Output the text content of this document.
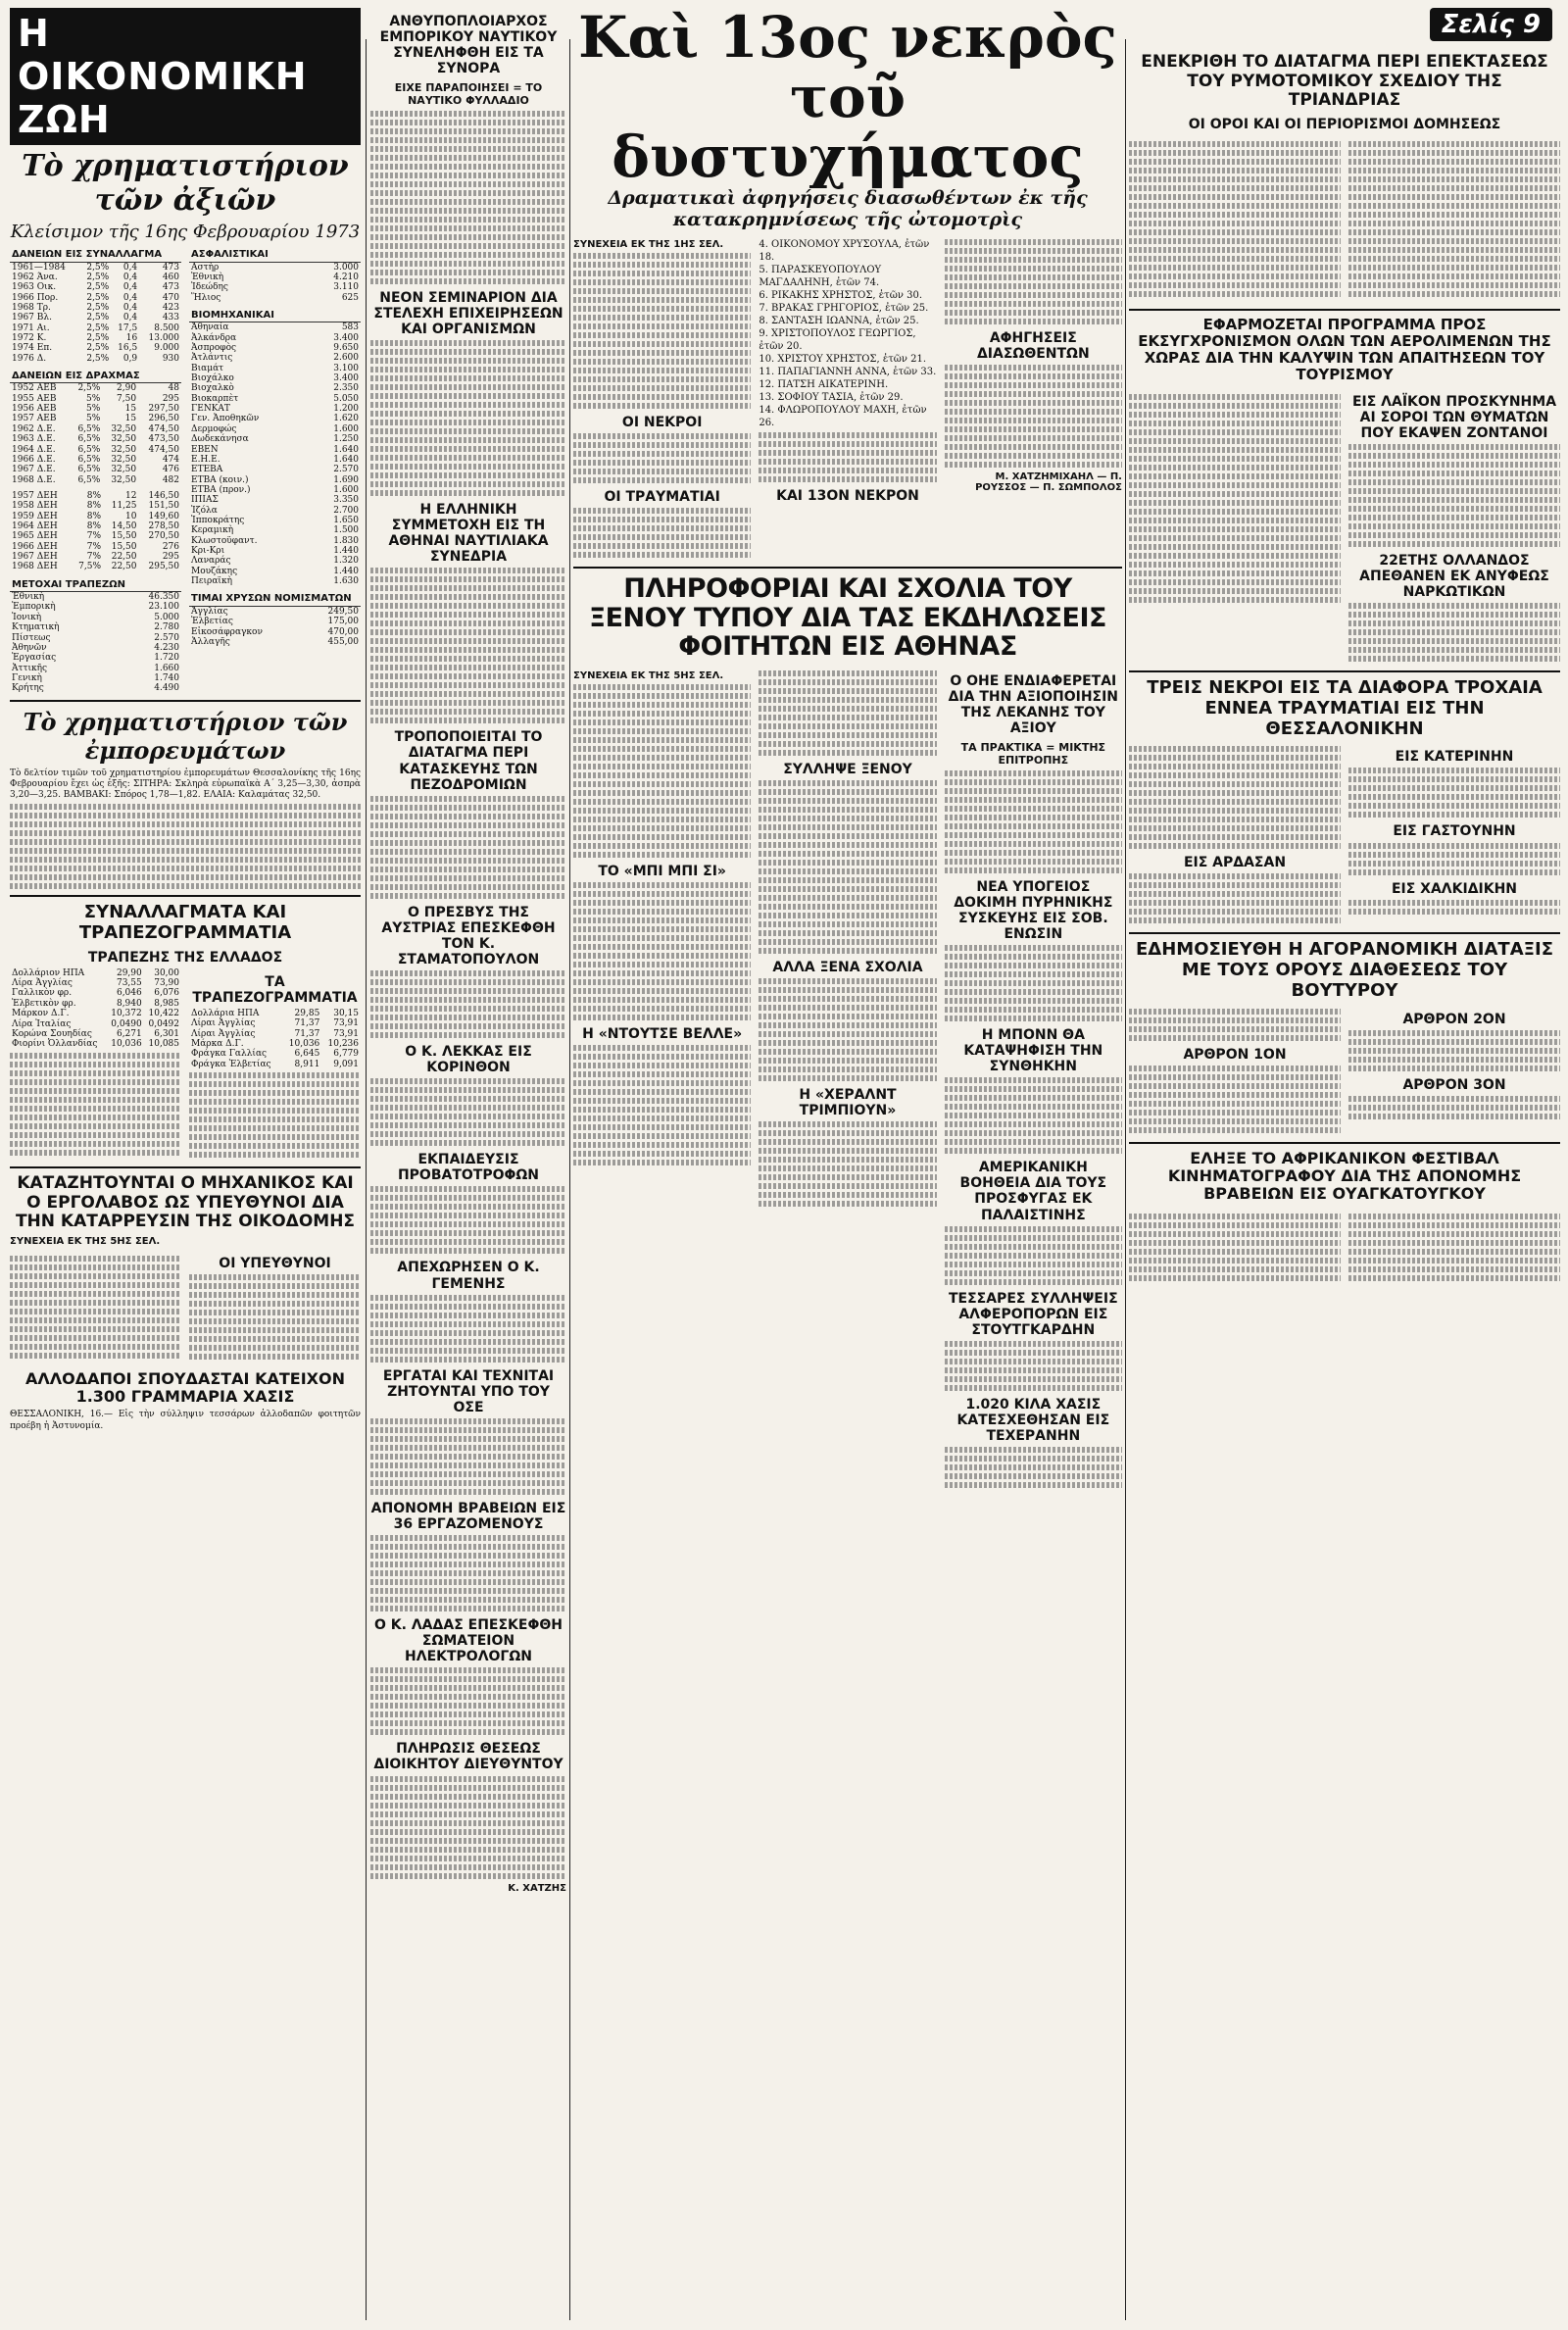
Η ΟΙΚΟΝΟΜΙΚΗ ΖΩΗ
Τὸ χρηματιστήριον τῶν ἀξιῶν
Κλείσιμον τῆς 16ης Φεβρουαρίου 1973
ΔΑΝΕΙΩΝ ΕΙΣ ΣΥΝΑΛΛΑΓΜΑ			
1961—1984	2,5%	0,4	473
1962 Άνα.	2,5%	0,4	460
1963 Οικ.	2,5%	0,4	473
1966 Πορ.	2,5%	0,4	470
1968 Τρ.	2,5%	0,4	423
1967 Βλ.	2,5%	0,4	433
1971 Αι.	2,5%	17,5	8.500
1972 Κ.	2,5%	16	13.000
1974 Επ.	2,5%	16,5	9.000
1976 Δ.	2,5%	0,9	930
ΔΑΝΕΙΩΝ ΕΙΣ ΔΡΑΧΜΑΣ			
1952 ΑΕΒ	2,5%	2,90	48
1955 ΑΕΒ	5%	7,50	295
1956 ΑΕΒ	5%	15	297,50
1957 ΑΕΒ	5%	15	296,50
1962 Δ.Ε.	6,5%	32,50	474,50
1963 Δ.Ε.	6,5%	32,50	473,50
1964 Δ.Ε.	6,5%	32,50	474,50
1966 Δ.Ε.	6,5%	32,50	474
1967 Δ.Ε.	6,5%	32,50	476
1968 Δ.Ε.	6,5%	32,50	482
1957 ΔΕΗ	8%	12	146,50
1958 ΔΕΗ	8%	11,25	151,50
1959 ΔΕΗ	8%	10	149,60
1964 ΔΕΗ	8%	14,50	278,50
1965 ΔΕΗ	7%	15,50	270,50
1966 ΔΕΗ	7%	15,50	276
1967 ΔΕΗ	7%	22,50	295
1968 ΔΕΗ	7,5%	22,50	295,50
ΜΕΤΟΧΑΙ ΤΡΑΠΕΖΩΝ	
Ἐθνικὴ	46.350
Ἐμπορικὴ	23.100
Ἰονικὴ	5.000
Κτηματικὴ	2.780
Πίστεως	2.570
Ἀθηνῶν	4.230
Ἐργασίας	1.720
Ἀττικῆς	1.660
Γενικὴ	1.740
Κρήτης	4.490
ΑΣΦΑΛΙΣΤΙΚΑΙ	
Αστὴρ	3.000
Ἐθνικὴ	4.210
Ἰδεώδης	3.110
Ἥλιος	625
ΒΙΟΜΗΧΑΝΙΚΑΙ	
Ἀθηναία	583
Ἀλκάνδρα	3.400
Ἀσπροφὸς	9.650
Ἀτλάντις	2.600
Βιαμάτ	3.100
Βιοχάλκο	3.400
Βιοχαλκὸ	2.350
Βιοκαρπὲτ	5.050
ΓΕΝΚΑΤ	1.200
Γεν. Ἀποθηκῶν	1.620
Δερμοφώς	1.600
Δωδεκάνησα	1.250
ΕΒΕΝ	1.640
Ε.Η.Ε.	1.640
ΕΤΕΒΑ	2.570
ΕΤΒΑ (κοιν.)	1.690
ΕΤΒΑ (προν.)	1.600
ΙΠΙΑΣ	3.350
Ἰζόλα	2.700
Ἰπποκράτης	1.650
Κεραμικὴ	1.500
Κλωστοϋφαντ.	1.830
Κρι-Κρι	1.440
Λαναράς	1.320
Μουζάκης	1.440
Πειραϊκὴ	1.630
ΤΙΜΑΙ ΧΡΥΣΩΝ ΝΟΜΙΣΜΑΤΩΝ	
Ἀγγλίας	249,50
Ἐλβετίας	175,00
Εἰκοσάφραγκον	470,00
Ἀλλαγῆς	455,00
Τὸ χρηματιστήριον τῶν ἐμπορευμάτων

Τὸ δελτίον τιμῶν τοῦ χρηματιστηρίου ἐμπορευμάτων Θεσσαλονίκης τῆς 16ης Φεβρουαρίου ἔχει ὡς ἑξῆς: ΣΙΤΗΡΑ: Σκληρὰ εὐρωπαϊκὰ Α΄ 3,25—3,30, ἀσπρὰ 3,20—3,25. ΒΑΜΒΑΚΙ: Σπόρος 1,78—1,82. ΕΛΑΙΑ: Καλαμάτας 32,50.

ΣΥΝΑΛΛΑΓΜΑΤΑ ΚΑΙ ΤΡΑΠΕΖΟΓΡΑΜΜΑΤΙΑ
ΤΡΑΠΕΖΗΣ ΤΗΣ ΕΛΛΑΔΟΣ
Δολλάριον ΗΠΑ	29,90	30,00
Λίρα Ἀγγλίας	73,55	73,90
Γαλλικὸν φρ.	6,046	6,076
Ἐλβετικὸν φρ.	8,940	8,985
Μάρκον Δ.Γ.	10,372	10,422
Λίρα Ἰταλίας	0,0490	0,0492
Κορώνα Σουηδίας	6,271	6,301
Φιορίνι Ὀλλανδίας	10,036	10,085
ΤΑ ΤΡΑΠΕΖΟΓΡΑΜΜΑΤΙΑ
Δολλάρια ΗΠΑ	29,85	30,15
Λίραι Ἀγγλίας	71,37	73,91
Λίραι Ἀγγλίας	71,37	73,91
Μάρκα Δ.Γ.	10,036	10,236
Φράγκα Γαλλίας	6,645	6,779
Φράγκα Ἐλβετίας	8,911	9,091
ΚΑΤΑΖΗΤΟΥΝΤΑΙ Ο ΜΗΧΑΝΙΚΟΣ ΚΑΙ Ο ΕΡΓΟΛΑΒΟΣ ΩΣ ΥΠΕΥΘΥΝΟΙ ΔΙΑ ΤΗΝ ΚΑΤΑΡΡΕΥΣΙΝ ΤΗΣ ΟΙΚΟΔΟΜΗΣ
ΣΥΝΕΧΕΙΑ ΕΚ ΤΗΣ 5ΗΣ ΣΕΛ.
ΟΙ ΥΠΕΥΘΥΝΟΙ
ΑΛΛΟΔΑΠΟΙ ΣΠΟΥΔΑΣΤΑΙ ΚΑΤΕΙΧΟΝ 1.300 ΓΡΑΜΜΑΡΙΑ ΧΑΣΙΣ

ΘΕΣΣΑΛΟΝΙΚΗ, 16.— Εἰς τὴν σύλληψιν τεσσάρων ἀλλοδαπῶν φοιτητῶν προέβη ἡ Ἀστυνομία.

ΑΝΘΥΠΟΠΛΟΙΑΡΧΟΣ ΕΜΠΟΡΙΚΟΥ ΝΑΥΤΙΚΟΥ ΣΥΝΕΛΗΦΘΗ ΕΙΣ ΤΑ ΣΥΝΟΡΑ
ΕΙΧΕ ΠΑΡΑΠΟΙΗΣΕΙ = ΤΟ ΝΑΥΤΙΚΟ ΦΥΛΛΑΔΙΟ
ΝΕΟΝ ΣΕΜΙΝΑΡΙΟΝ ΔΙΑ ΣΤΕΛΕΧΗ ΕΠΙΧΕΙΡΗΣΕΩΝ ΚΑΙ ΟΡΓΑΝΙΣΜΩΝ
Η ΕΛΛΗΝΙΚΗ ΣΥΜΜΕΤΟΧΗ ΕΙΣ ΤΗ ΑΘΗΝΑΙ ΝΑΥΤΙΛΙΑΚΑ ΣΥΝΕΔΡΙΑ
ΤΡΟΠΟΠΟΙΕΙΤΑΙ ΤΟ ΔΙΑΤΑΓΜΑ ΠΕΡΙ ΚΑΤΑΣΚΕΥΗΣ ΤΩΝ ΠΕΖΟΔΡΟΜΙΩΝ
Ο ΠΡΕΣΒΥΣ ΤΗΣ ΑΥΣΤΡΙΑΣ ΕΠΕΣΚΕΦΘΗ ΤΟΝ Κ. ΣΤΑΜΑΤΟΠΟΥΛΟΝ
Ο Κ. ΛΕΚΚΑΣ ΕΙΣ ΚΟΡΙΝΘΟΝ
ΕΚΠΑΙΔΕΥΣΙΣ ΠΡΟΒΑΤΟΤΡΟΦΩΝ
ΑΠΕΧΩΡΗΣΕΝ Ο Κ. ΓΕΜΕΝΗΣ
ΕΡΓΑΤΑΙ ΚΑΙ ΤΕΧΝΙΤΑΙ ΖΗΤΟΥΝΤΑΙ ΥΠΟ ΤΟΥ ΟΣΕ
ΑΠΟΝΟΜΗ ΒΡΑΒΕΙΩΝ ΕΙΣ 36 ΕΡΓΑΖΟΜΕΝΟΥΣ
Ο Κ. ΛΑΔΑΣ ΕΠΕΣΚΕΦΘΗ ΣΩΜΑΤΕΙΟΝ ΗΛΕΚΤΡΟΛΟΓΩΝ
ΠΛΗΡΩΣΙΣ ΘΕΣΕΩΣ ΔΙΟΙΚΗΤΟΥ ΔΙΕΥΘΥΝΤΟΥ
Κ. ΧΑΤΖΗΣ
Καὶ 13ος νεκρὸς
τοῦ δυστυχήματος
Δραματικαὶ ἀφηγήσεις διασωθέντων ἐκ τῆς κατακρημνίσεως τῆς ὠτομοτρὶς
ΣΥΝΕΧΕΙΑ ΕΚ ΤΗΣ 1ΗΣ ΣΕΛ.
ΟΙ ΝΕΚΡΟΙ
ΟΙ ΤΡΑΥΜΑΤΙΑΙ
4. ΟΙΚΟΝΟΜΟΥ ΧΡΥΣΟΥΛΑ, ἐτῶν 18.
5. ΠΑΡΑΣΚΕΥΟΠΟΥΛΟΥ ΜΑΓΔΑΛΗΝΗ, ἐτῶν 74.
6. ΡΙΚΑΚΗΣ ΧΡΗΣΤΟΣ, ἐτῶν 30.
7. ΒΡΑΚΑΣ ΓΡΗΓΟΡΙΟΣ, ἐτῶν 25.
8. ΣΑΝΤΑΣΗ ΙΩΑΝΝΑ, ἐτῶν 25.
9. ΧΡΙΣΤΟΠΟΥΛΟΣ ΓΕΩΡΓΙΟΣ, ἐτῶν 20.
10. ΧΡΙΣΤΟΥ ΧΡΗΣΤΟΣ, ἐτῶν 21.
11. ΠΑΠΑΓΙΑΝΝΗ ΑΝΝΑ, ἐτῶν 33.
12. ΠΑΤΣΗ ΑΙΚΑΤΕΡΙΝΗ.
13. ΣΟΦΙΟΥ ΤΑΣΙΑ, ἐτῶν 29.
14. ΦΛΩΡΟΠΟΥΛΟΥ ΜΑΧΗ, ἐτῶν 26.
ΚΑΙ 13ΟΝ ΝΕΚΡΟΝ
ΑΦΗΓΗΣΕΙΣ ΔΙΑΣΩΘΕΝΤΩΝ
Μ. ΧΑΤΖΗΜΙΧΑΗΛ — Π. ΡΟΥΣΣΟΣ — Π. ΣΩΜΠΟΛΟΣ
ΠΛΗΡΟΦΟΡΙΑΙ ΚΑΙ ΣΧΟΛΙΑ ΤΟΥ ΞΕΝΟΥ ΤΥΠΟΥ ΔΙΑ ΤΑΣ ΕΚΔΗΛΩΣΕΙΣ ΦΟΙΤΗΤΩΝ ΕΙΣ ΑΘΗΝΑΣ
ΣΥΝΕΧΕΙΑ ΕΚ ΤΗΣ 5ΗΣ ΣΕΛ.
ΤΟ «ΜΠΙ ΜΠΙ ΣΙ»
Η «ΝΤΟΥΤΣΕ ΒΕΛΛΕ»
ΣΥΛΛΗΨΕ ΞΕΝΟΥ
ΑΛΛΑ ΞΕΝΑ ΣΧΟΛΙΑ
Η «ΧΕΡΑΛΝΤ ΤΡΙΜΠΙΟΥΝ»
Ο ΟΗΕ ΕΝΔΙΑΦΕΡΕΤΑΙ ΔΙΑ ΤΗΝ ΑΞΙΟΠΟΙΗΣΙΝ ΤΗΣ ΛΕΚΑΝΗΣ ΤΟΥ ΑΞΙΟΥ
ΤΑ ΠΡΑΚΤΙΚΑ = ΜΙΚΤΗΣ ΕΠΙΤΡΟΠΗΣ
ΝΕΑ ΥΠΟΓΕΙΟΣ ΔΟΚΙΜΗ ΠΥΡΗΝΙΚΗΣ ΣΥΣΚΕΥΗΣ ΕΙΣ ΣΟΒ. ΕΝΩΣΙΝ
Η ΜΠΟΝΝ ΘΑ ΚΑΤΑΨΗΦΙΣΗ ΤΗΝ ΣΥΝΘΗΚΗΝ
ΑΜΕΡΙΚΑΝΙΚΗ ΒΟΗΘΕΙΑ ΔΙΑ ΤΟΥΣ ΠΡΟΣΦΥΓΑΣ ΕΚ ΠΑΛΑΙΣΤΙΝΗΣ
ΤΕΣΣΑΡΕΣ ΣΥΛΛΗΨΕΙΣ ΑΛΦΕΡΟΠΟΡΩΝ ΕΙΣ ΣΤΟΥΤΓΚΑΡΔΗΝ
1.020 ΚΙΛΑ ΧΑΣΙΣ ΚΑΤΕΣΧΕΘΗΣΑΝ ΕΙΣ ΤΕΧΕΡΑΝΗΝ
Σελίς 9
ΕΝΕΚΡΙΘΗ ΤΟ ΔΙΑΤΑΓΜΑ ΠΕΡΙ ΕΠΕΚΤΑΣΕΩΣ ΤΟΥ ΡΥΜΟΤΟΜΙΚΟΥ ΣΧΕΔΙΟΥ ΤΗΣ ΤΡΙΑΝΔΡΙΑΣ
ΟΙ ΟΡΟΙ ΚΑΙ ΟΙ ΠΕΡΙΟΡΙΣΜΟΙ ΔΟΜΗΣΕΩΣ
ΕΦΑΡΜΟΖΕΤΑΙ ΠΡΟΓΡΑΜΜΑ ΠΡΟΣ ΕΚΣΥΓΧΡΟΝΙΣΜΟΝ ΟΛΩΝ ΤΩΝ ΑΕΡΟΛΙΜΕΝΩΝ ΤΗΣ ΧΩΡΑΣ ΔΙΑ ΤΗΝ ΚΑΛΥΨΙΝ ΤΩΝ ΑΠΑΙΤΗΣΕΩΝ ΤΟΥ ΤΟΥΡΙΣΜΟΥ
ΕΙΣ ΛΑΪΚΟΝ ΠΡΟΣΚΥΝΗΜΑ ΑΙ ΣΟΡΟΙ ΤΩΝ ΘΥΜΑΤΩΝ ΠΟΥ ΕΚΑΨΕΝ ΖΟΝΤΑΝΟΙ
22ΕΤΗΣ ΟΛΛΑΝΔΟΣ ΑΠΕΘΑΝΕΝ ΕΚ ΑΝΥΦΕΩΣ ΝΑΡΚΩΤΙΚΩΝ
ΤΡΕΙΣ ΝΕΚΡΟΙ ΕΙΣ ΤΑ ΔΙΑΦΟΡΑ ΤΡΟΧΑΙΑ ΕΝΝΕΑ ΤΡΑΥΜΑΤΙΑΙ ΕΙΣ ΤΗΝ ΘΕΣΣΑΛΟΝΙΚΗΝ
ΕΙΣ ΑΡΔΑΣΑΝ
ΕΙΣ ΚΑΤΕΡΙΝΗΝ
ΕΙΣ ΓΑΣΤΟΥΝΗΝ
ΕΙΣ ΧΑΛΚΙΔΙΚΗΝ
ΕΔΗΜΟΣΙΕΥΘΗ Η ΑΓΟΡΑΝΟΜΙΚΗ ΔΙΑΤΑΞΙΣ ΜΕ ΤΟΥΣ ΟΡΟΥΣ ΔΙΑΘΕΣΕΩΣ ΤΟΥ ΒΟΥΤΥΡΟΥ
ΑΡΘΡΟΝ 1ΟΝ
ΑΡΘΡΟΝ 2ΟΝ
ΑΡΘΡΟΝ 3ΟΝ
ΕΛΗΞΕ ΤΟ ΑΦΡΙΚΑΝΙΚΟΝ ΦΕΣΤΙΒΑΛ ΚΙΝΗΜΑΤΟΓΡΑΦΟΥ ΔΙΑ ΤΗΣ ΑΠΟΝΟΜΗΣ ΒΡΑΒΕΙΩΝ ΕΙΣ ΟΥΑΓΚΑΤΟΥΓΚΟΥ
